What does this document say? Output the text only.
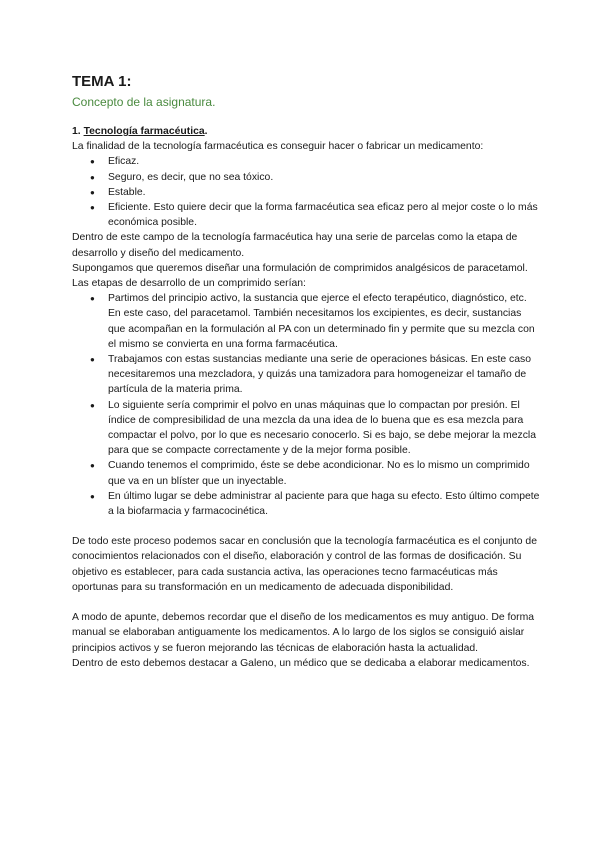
TEMA 1:
Concepto de la asignatura.
1. Tecnología farmacéutica.

La finalidad de la tecnología farmacéutica es conseguir hacer o fabricar un medicamento:

● Eficaz.
● Seguro, es decir, que no sea tóxico.
● Estable.
● Eficiente. Esto quiere decir que la forma farmacéutica sea eficaz pero al mejor coste o lo más económica posible.

Dentro de este campo de la tecnología farmacéutica hay una serie de parcelas como la etapa de desarrollo y diseño del medicamento.

Supongamos que queremos diseñar una formulación de comprimidos analgésicos de paracetamol. Las etapas de desarrollo de un comprimido serían:

● Partimos del principio activo, la sustancia que ejerce el efecto terapéutico, diagnóstico, etc. En este caso, del paracetamol. También necesitamos los excipientes, es decir, sustancias que acompañan en la formulación al PA con un determinado fin y permite que su mezcla con el mismo se convierta en una forma farmacéutica.
● Trabajamos con estas sustancias mediante una serie de operaciones básicas. En este caso necesitaremos una mezcladora, y quizás una tamizadora para homogeneizar el tamaño de partícula de la materia prima.
● Lo siguiente sería comprimir el polvo en unas máquinas que lo compactan por presión. El índice de compresibilidad de una mezcla da una idea de lo buena que es esa mezcla para compactar el polvo, por lo que es necesario conocerlo. Si es bajo, se debe mejorar la mezcla para que se compacte correctamente y de la mejor forma posible.
● Cuando tenemos el comprimido, éste se debe acondicionar. No es lo mismo un comprimido que va en un blíster que un inyectable.
● En último lugar se debe administrar al paciente para que haga su efecto. Esto último compete a la biofarmacia y farmacocinética.

De todo este proceso podemos sacar en conclusión que la tecnología farmacéutica es el conjunto de conocimientos relacionados con el diseño, elaboración y control de las formas de dosificación. Su objetivo es establecer, para cada sustancia activa, las operaciones tecno farmacéuticas más oportunas para su transformación en un medicamento de adecuada disponibilidad.

A modo de apunte, debemos recordar que el diseño de los medicamentos es muy antiguo. De forma manual se elaboraban antiguamente los medicamentos. A lo largo de los siglos se consiguió aislar principios activos y se fueron mejorando las técnicas de elaboración hasta la actualidad.

Dentro de esto debemos destacar a Galeno, un médico que se dedicaba a elaborar medicamentos.
